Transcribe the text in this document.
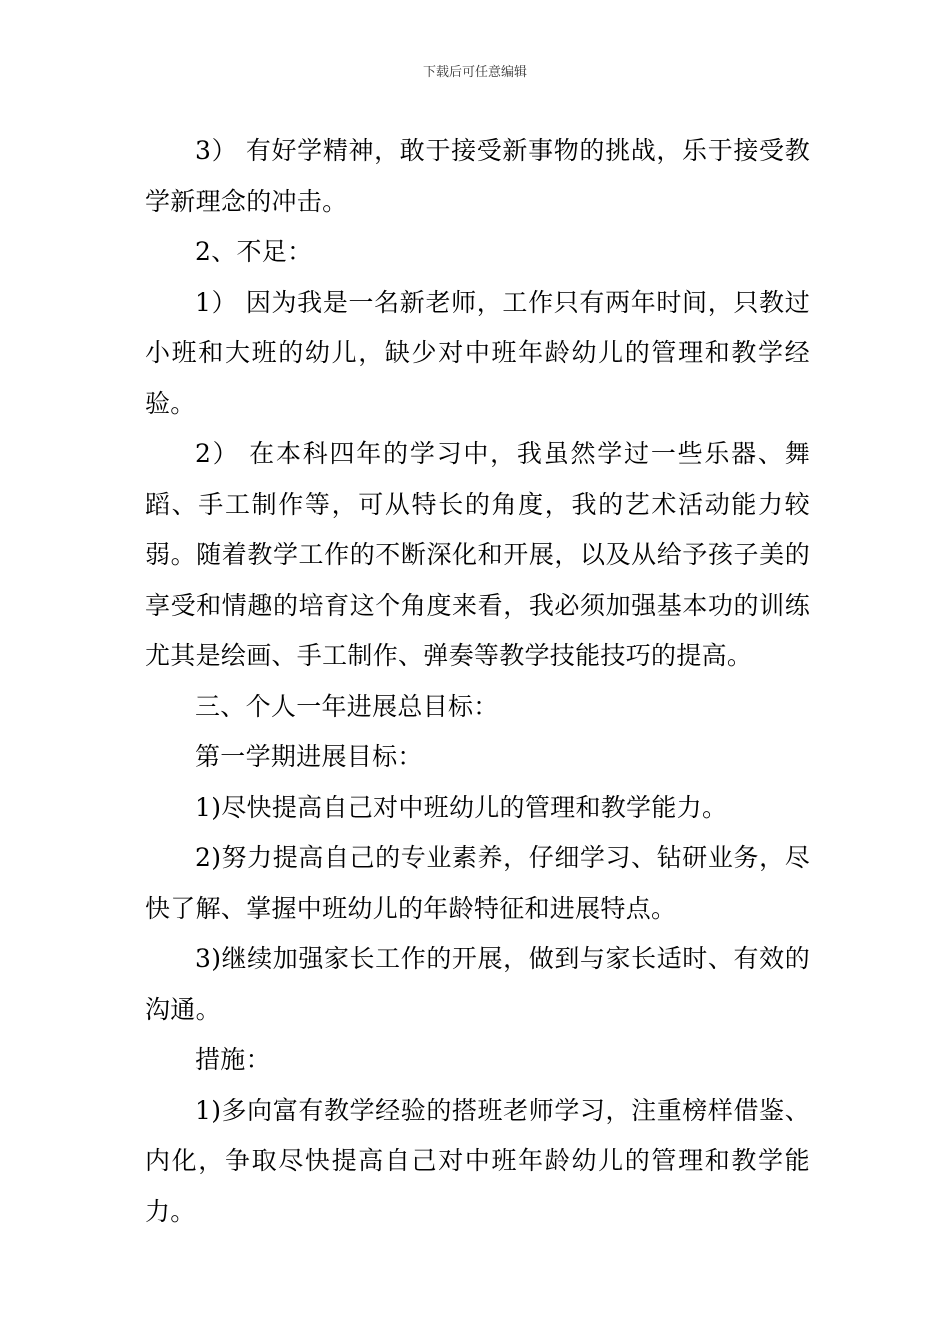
下载后可任意编辑

3） 有好学精神，敢于接受新事物的挑战，乐于接受教学新理念的冲击。

2、不足：

1） 因为我是一名新老师，工作只有两年时间，只教过小班和大班的幼儿，缺少对中班年龄幼儿的管理和教学经验。

2） 在本科四年的学习中，我虽然学过一些乐器、舞蹈、手工制作等，可从特长的角度，我的艺术活动能力较弱。随着教学工作的不断深化和开展，以及从给予孩子美的享受和情趣的培育这个角度来看，我必须加强基本功的训练尤其是绘画、手工制作、弹奏等教学技能技巧的提高。

三、个人一年进展总目标：

第一学期进展目标：

1)尽快提高自己对中班幼儿的管理和教学能力。

2)努力提高自己的专业素养，仔细学习、钻研业务，尽快了解、掌握中班幼儿的年龄特征和进展特点。

3)继续加强家长工作的开展，做到与家长适时、有效的沟通。

措施：

1)多向富有教学经验的搭班老师学习，注重榜样借鉴、内化，争取尽快提高自己对中班年龄幼儿的管理和教学能力。
